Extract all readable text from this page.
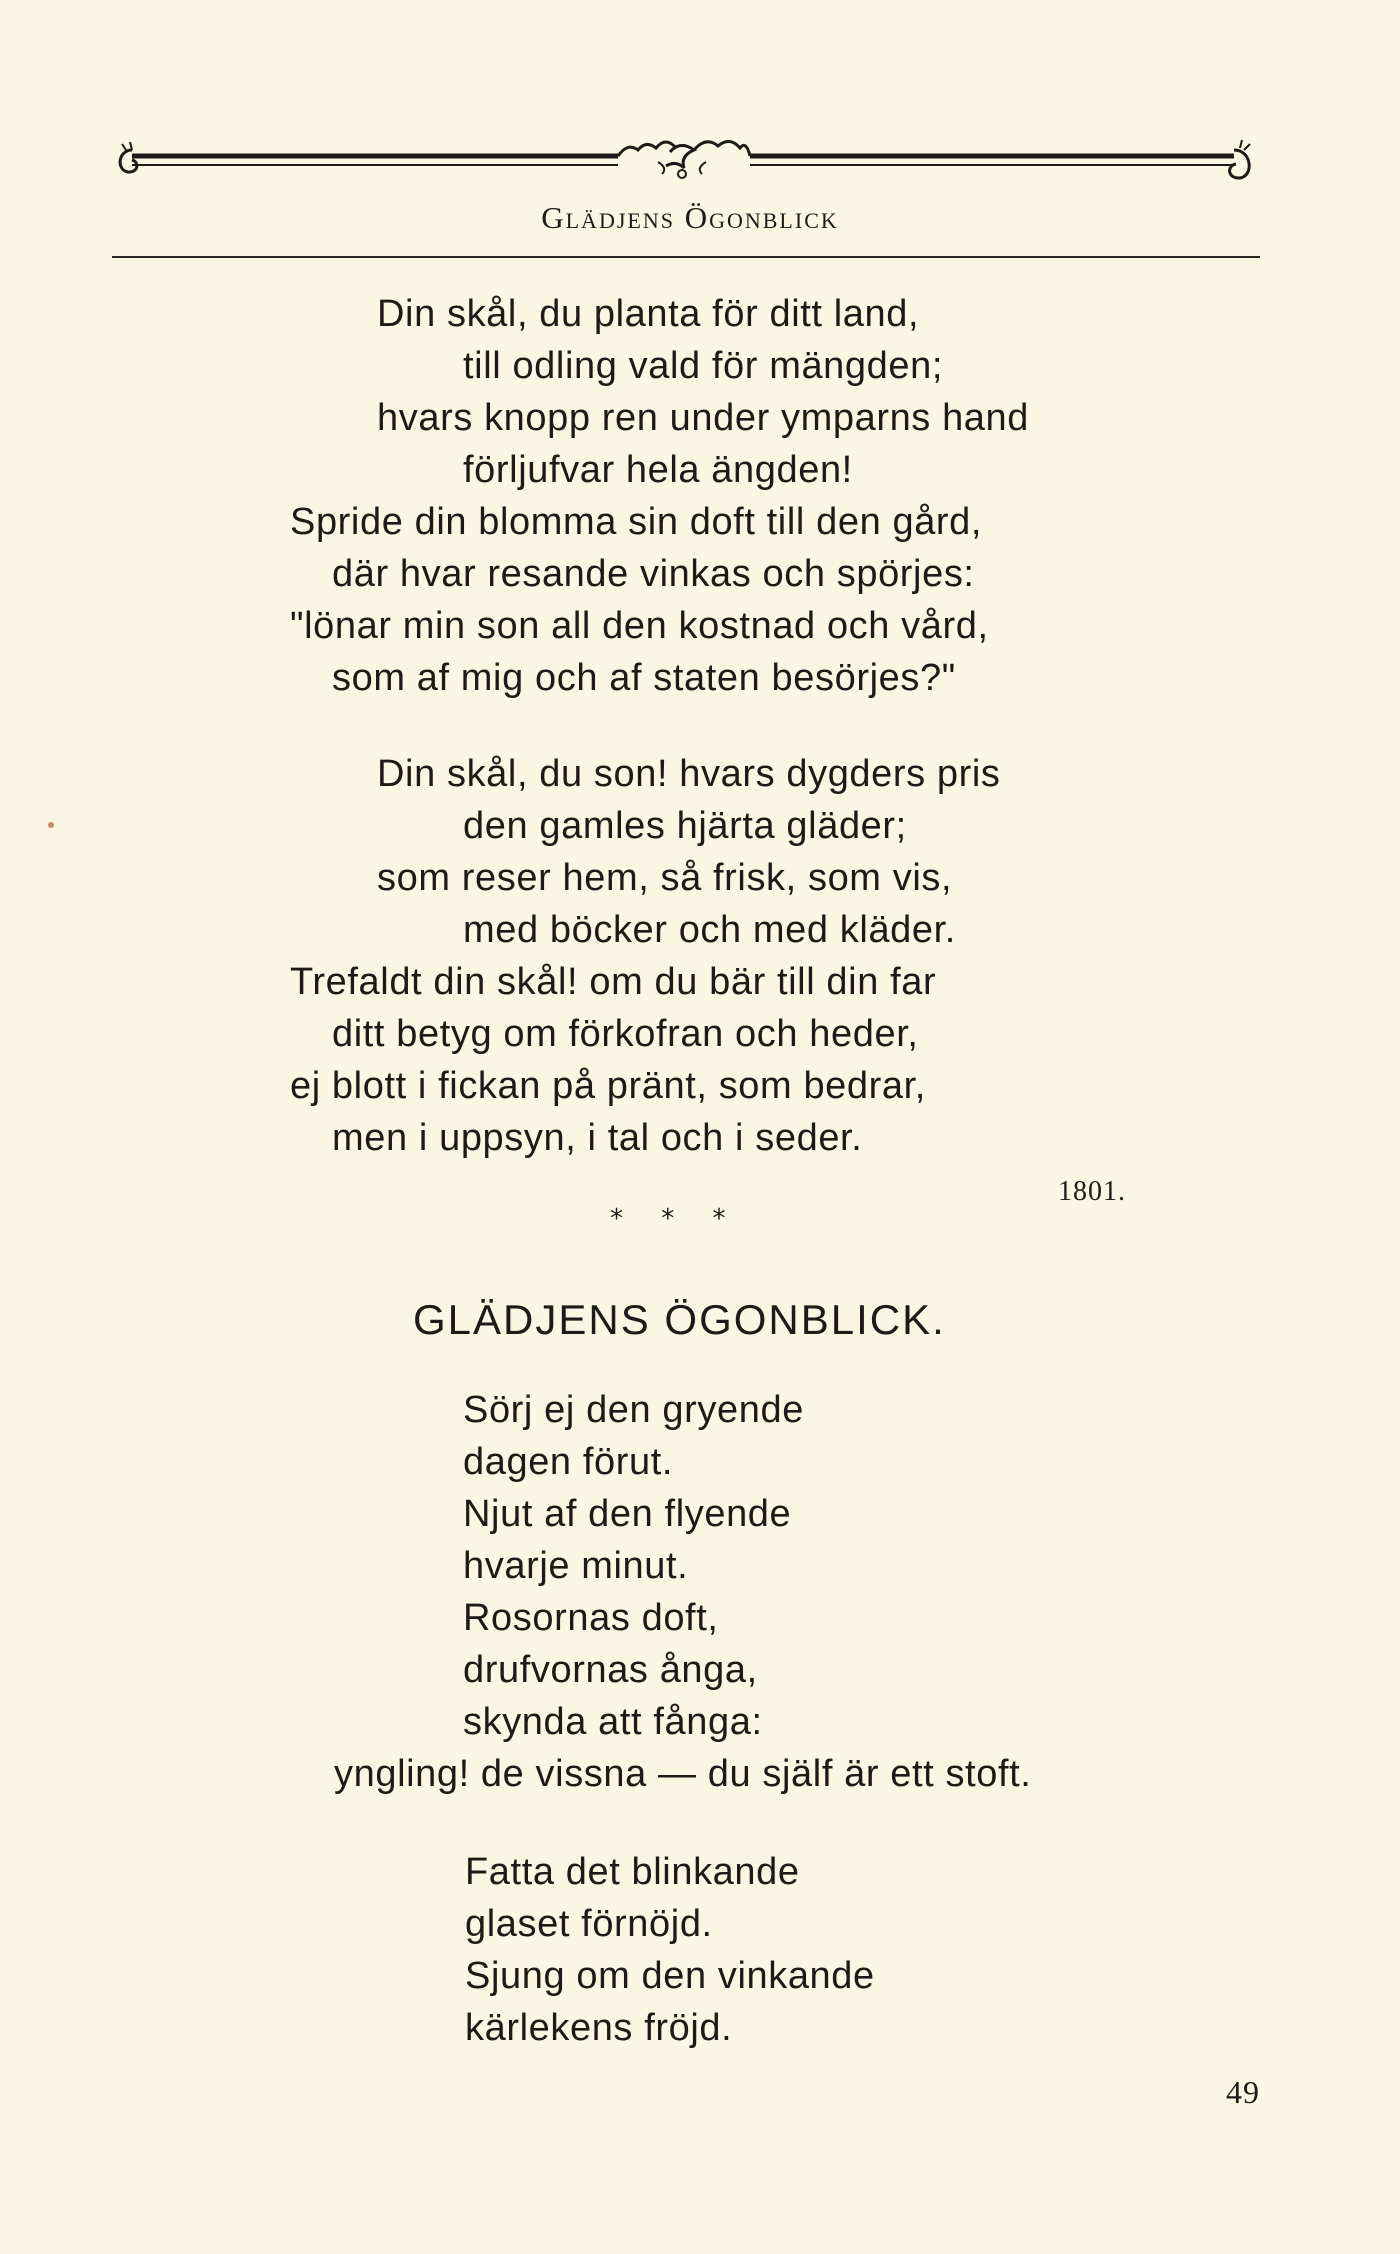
Glädjens Ögonblick
Din skål, du planta för ditt land,
till odling vald för mängden;
hvars knopp ren under ymparns hand
förljufvar hela ängden!
Spride din blomma sin doft till den gård,
där hvar resande vinkas och spörjes:
"lönar min son all den kostnad och vård,
som af mig och af staten besörjes?"
Din skål, du son! hvars dygders pris
den gamles hjärta gläder;
som reser hem, så frisk, som vis,
med böcker och med kläder.
Trefaldt din skål! om du bär till din far
ditt betyg om förkofran och heder,
ej blott i fickan på pränt, som bedrar,
men i uppsyn, i tal och i seder.
1801.
* * *
GLÄDJENS ÖGONBLICK.
Sörj ej den gryende
dagen förut.
Njut af den flyende
hvarje minut.
Rosornas doft,
drufvornas ånga,
skynda att fånga:
yngling! de vissna — du själf är ett stoft.
Fatta det blinkande
glaset förnöjd.
Sjung om den vinkande
kärlekens fröjd.
49
